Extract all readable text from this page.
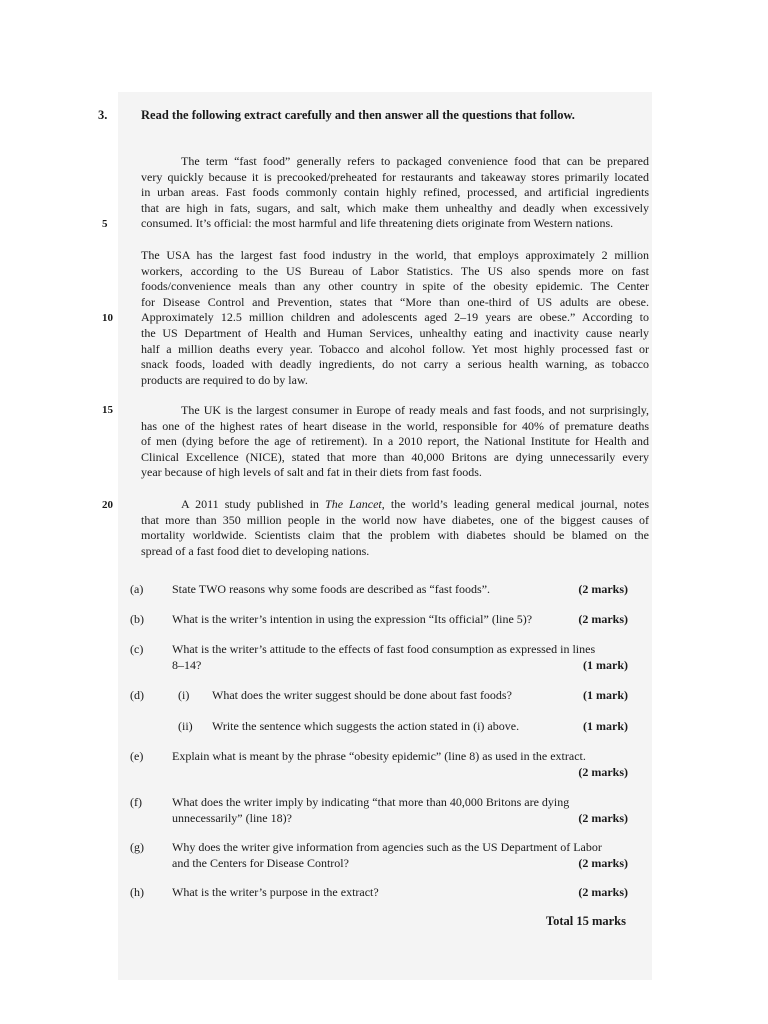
3.	Read the following extract carefully and then answer all the questions that follow.
The term “fast food” generally refers to packaged convenience food that can be prepared
very quickly because it is precooked/preheated for restaurants and takeaway stores primarily located
in urban areas. Fast foods commonly contain highly refined, processed, and artificial ingredients
that are high in fats, sugars, and salt, which make them unhealthy and deadly when excessively
consumed. It’s official: the most harmful and life threatening diets originate from Western nations.
5
The USA has the largest fast food industry in the world, that employs approximately 2 million
workers, according to the US Bureau of Labor Statistics. The US also spends more on fast
foods/convenience meals than any other country in spite of the obesity epidemic. The Center
for Disease Control and Prevention, states that “More than one-third of US adults are obese.
Approximately 12.5 million children and adolescents aged 2–19 years are obese.” According to
the US Department of Health and Human Services, unhealthy eating and inactivity cause nearly
half a million deaths every year. Tobacco and alcohol follow. Yet most highly processed fast or
snack foods, loaded with deadly ingredients, do not carry a serious health warning, as tobacco
products are required to do by law.
10
The UK is the largest consumer in Europe of ready meals and fast foods, and not surprisingly,
has one of the highest rates of heart disease in the world, responsible for 40% of premature deaths
of men (dying before the age of retirement). In a 2010 report, the National Institute for Health and
Clinical Excellence (NICE), stated that more than 40,000 Britons are dying unnecessarily every
year because of high levels of salt and fat in their diets from fast foods.
15
A 2011 study published in The Lancet, the world’s leading general medical journal, notes
that more than 350 million people in the world now have diabetes, one of the biggest causes of
mortality worldwide. Scientists claim that the problem with diabetes should be blamed on the
spread of a fast food diet to developing nations.
20
(a)	State TWO reasons why some foods are described as “fast foods”.	(2 marks)
(b)	What is the writer’s intention in using the expression “Its official” (line 5)?	(2 marks)
(c)	What is the writer’s attitude to the effects of fast food consumption as expressed in lines
8–14?	(1 mark)
(d)	(i) What does the writer suggest should be done about fast foods?	(1 mark)
(ii) Write the sentence which suggests the action stated in (i) above.	(1 mark)
(e)	Explain what is meant by the phrase “obesity epidemic” (line 8) as used in the extract.
(2 marks)
(f)	What does the writer imply by indicating “that more than 40,000 Britons are dying
unnecessarily” (line 18)?	(2 marks)
(g)	Why does the writer give information from agencies such as the US Department of Labor
and the Centers for Disease Control?	(2 marks)
(h)	What is the writer’s purpose in the extract?	(2 marks)
Total 15 marks
